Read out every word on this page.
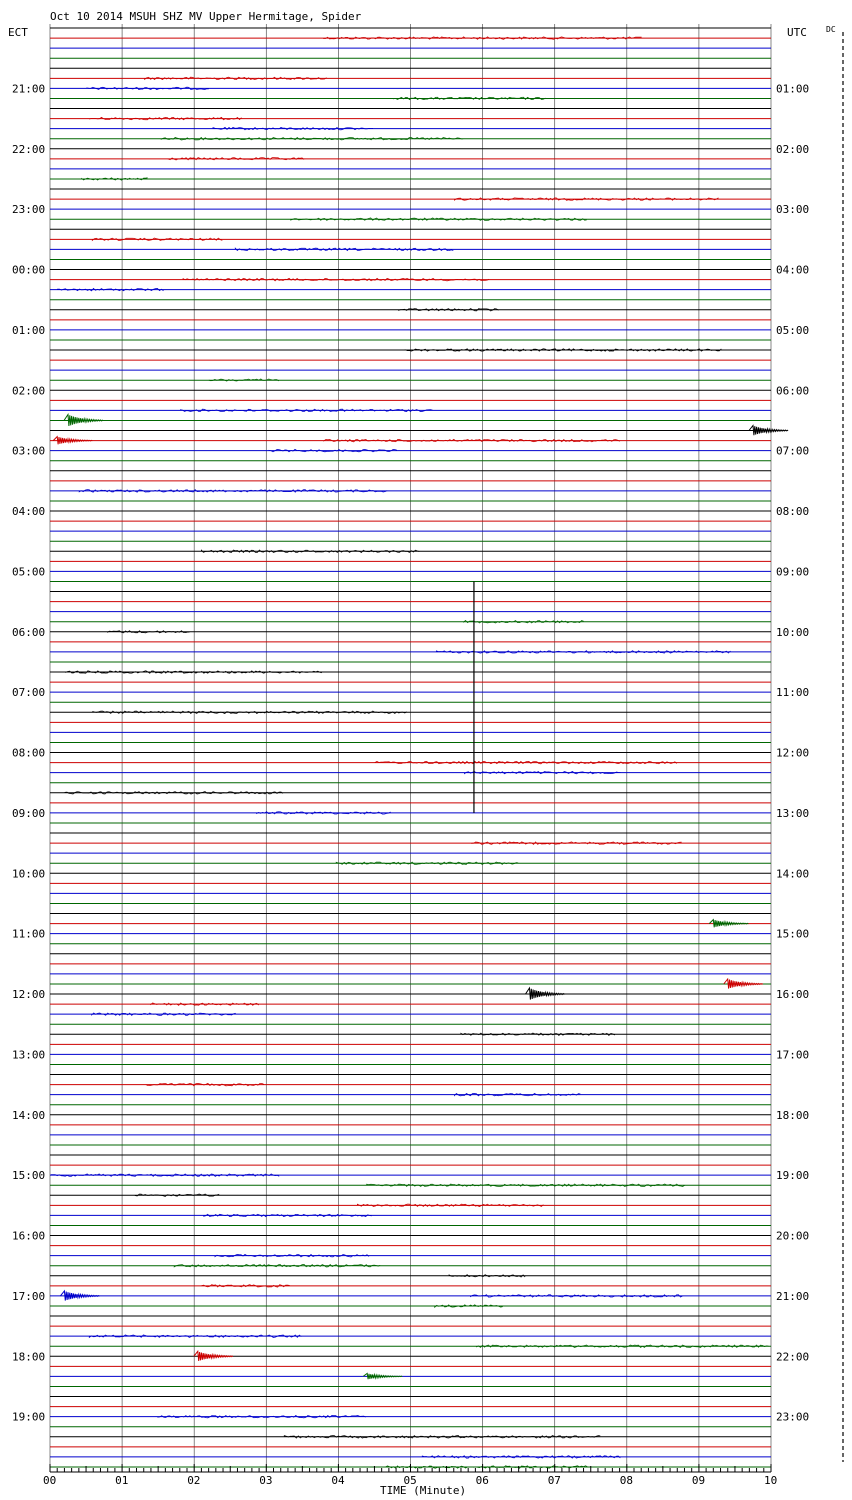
Oct 10 2014 MSUH SHZ MV Upper Hermitage, Spider
ECT	UTC DC
TIME (Minute)
21:00
22:00
23:00
00:00
01:00
02:00
03:00
04:00
05:00
06:00
07:00
08:00
09:00
10:00
11:00
12:00
13:00
14:00
15:00
16:00
17:00
18:00
19:00
01:00
02:00
03:00
04:00
05:00
06:00
07:00
08:00
09:00
10:00
11:00
12:00
13:00
14:00
15:00
16:00
17:00
18:00
19:00
20:00
21:00
22:00
23:00
00	01	02	03	04	05	06	07	08	09	10
